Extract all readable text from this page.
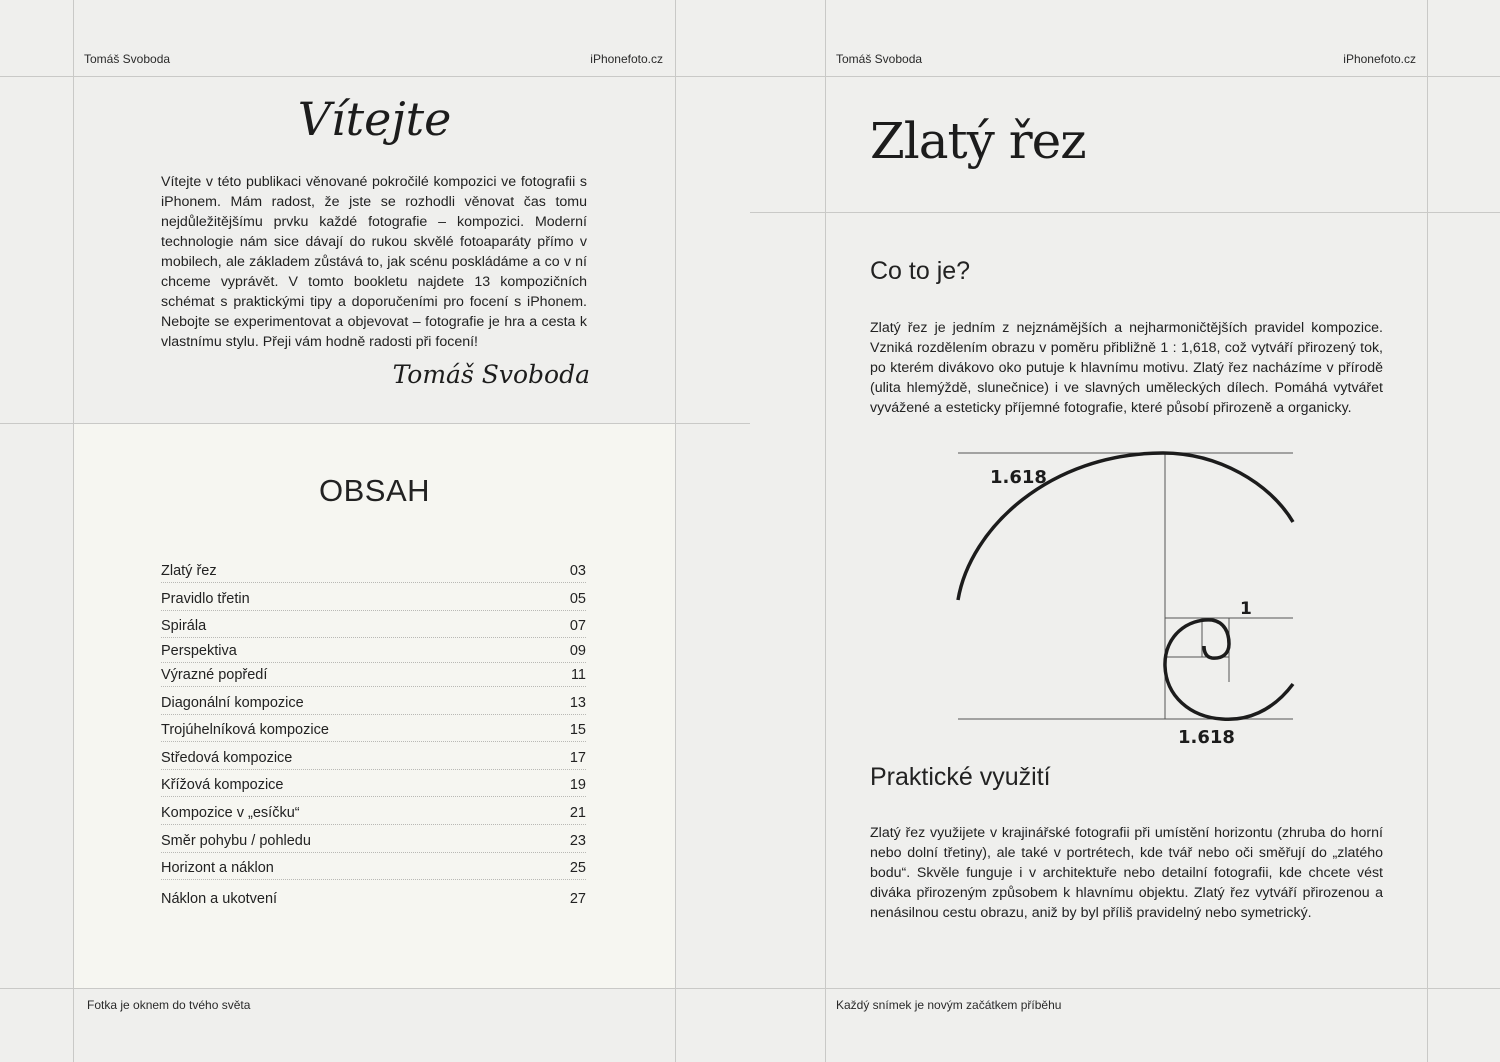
Tomáš Svoboda	iPhonefoto.cz
Vítejte

Vítejte v této publikaci věnované pokročilé kompozici ve fotografii s iPhonem. Mám radost, že jste se rozhodli věnovat čas tomu nejdůležitějšímu prvku každé fotografie – kompozici. Moderní technologie nám sice dávají do rukou skvělé fotoaparáty přímo v mobilech, ale základem zůstává to, jak scénu poskládáme a co v ní chceme vyprávět. V tomto bookletu najdete 13 kompozičních schémat s praktickými tipy a doporučeními pro focení s iPhonem. Nebojte se experimentovat a objevovat – fotografie je hra a cesta k vlastnímu stylu. Přeji vám hodně radosti při focení!

Tomáš Svoboda
OBSAH
Zlatý řez	03
Pravidlo třetin	05
Spirála	07
Perspektiva	09
Výrazné popředí	11
Diagonální kompozice	13
Trojúhelníková kompozice	15
Středová kompozice	17
Křížová kompozice	19
Kompozice v „esíčku“	21
Směr pohybu / pohledu	23
Horizont a náklon	25
Náklon a ukotvení	27
Fotka je oknem do tvého světa
Tomáš Svoboda	iPhonefoto.cz
Zlatý řez
Co to je?

Zlatý řez je jedním z nejznámějších a nejharmoničtějších pravidel kompozice. Vzniká rozdělením obrazu v poměru přibližně 1 : 1,618, což vytváří přirozený tok, po kterém divákovo oko putuje k hlavnímu motivu. Zlatý řez nacházíme v přírodě (ulita hlemýždě, slunečnice) i ve slavných uměleckých dílech. Pomáhá vytvářet vyvážené a esteticky příjemné fotografie, které působí přirozeně a organicky.

1.618
1
1.618
Praktické využití

Zlatý řez využijete v krajinářské fotografii při umístění horizontu (zhruba do horní nebo dolní třetiny), ale také v portrétech, kde tvář nebo oči směřují do „zlatého bodu“. Skvěle funguje i v architektuře nebo detailní fotografii, kde chcete vést diváka přirozeným způsobem k hlavnímu objektu. Zlatý řez vytváří přirozenou a nenásilnou cestu obrazu, aniž by byl příliš pravidelný nebo symetrický.

Každý snímek je novým začátkem příběhu
